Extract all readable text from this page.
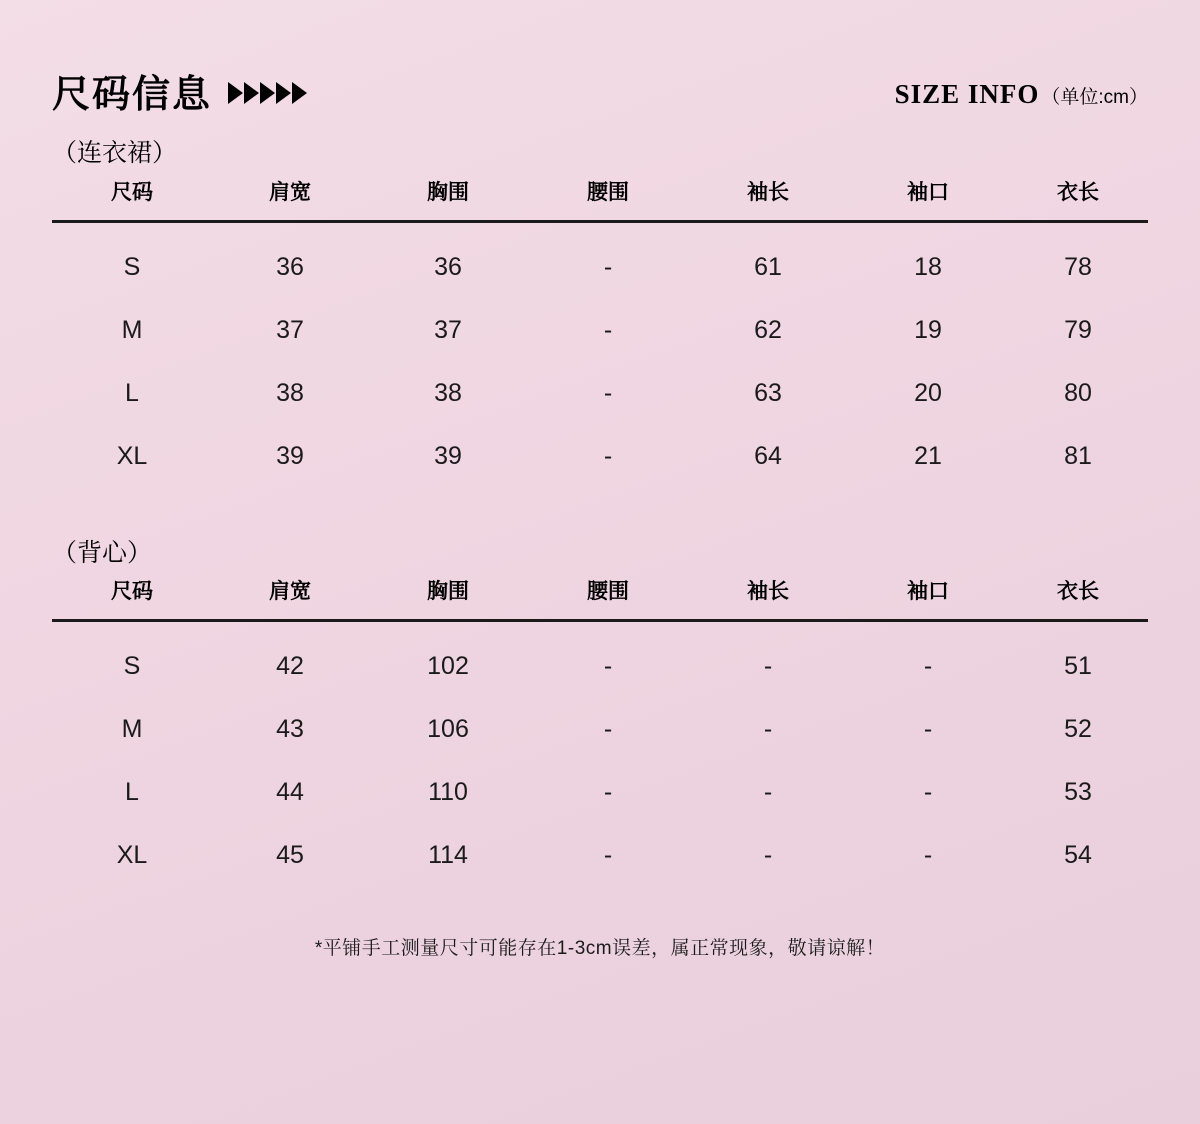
尺码信息	SIZE INFO （单位:cm）
（连衣裙）
尺码	肩宽	胸围	腰围	袖长	袖口	衣长
S	36	36	-	61	18	78
M	37	37	-	62	19	79
L	38	38	-	63	20	80
XL	39	39	-	64	21	81
（背心）
尺码	肩宽	胸围	腰围	袖长	袖口	衣长
S	42	102	-	-	-	51
M	43	106	-	-	-	52
L	44	110	-	-	-	53
XL	45	114	-	-	-	54
*平铺手工测量尺寸可能存在1-3cm误差，属正常现象，敬请谅解！
